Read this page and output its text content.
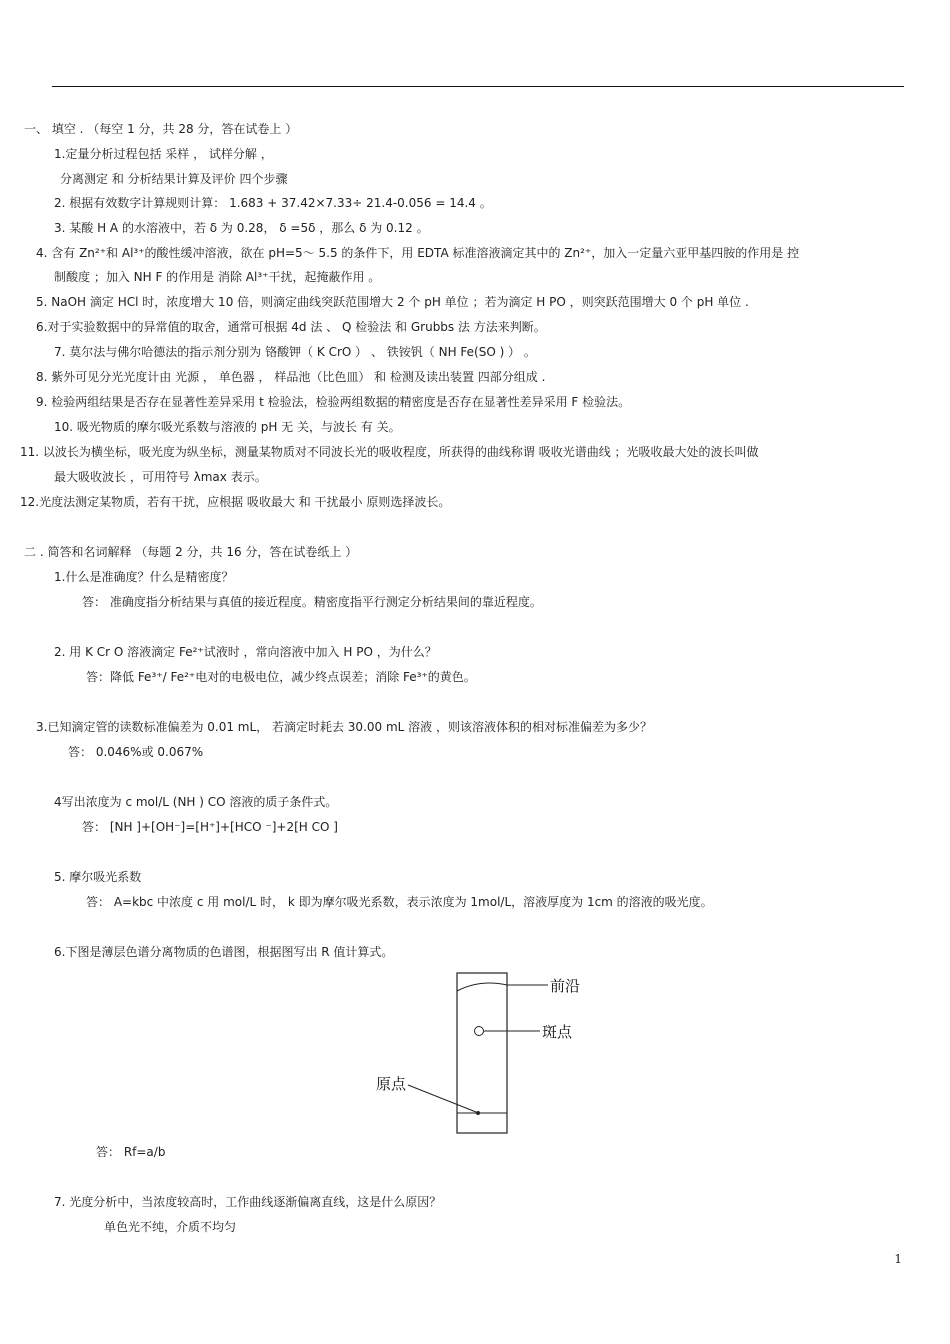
一、 填空 . （每空 1 分，共 28 分，答在试卷上 ）
1.定量分析过程包括 采样 ， 试样分解 ，
分离测定 和 分析结果计算及评价 四个步骤
2. 根据有效数字计算规则计算： 1.683 + 37.42×7.33÷ 21.4-0.056 = 14.4 。
3. 某酸 H A 的水溶液中，若 δ 为 0.28， δ =5δ ，那么 δ 为 0.12 。
4. 含有 Zn²⁺和 Al³⁺的酸性缓冲溶液，欲在 pH=5～ 5.5 的条件下，用 EDTA 标准溶液滴定其中的 Zn²⁺，加入一定量六亚甲基四胺的作用是 控
制酸度 ；加入 NH F 的作用是 消除 Al³⁺干扰，起掩蔽作用 。
5. NaOH 滴定 HCl 时，浓度增大 10 倍，则滴定曲线突跃范围增大 2 个 pH 单位 ；若为滴定 H PO ，则突跃范围增大 0 个 pH 单位 .
6.对于实验数据中的异常值的取舍，通常可根据 4d 法 、 Q 检验法 和 Grubbs 法 方法来判断。
7. 莫尔法与佛尔哈德法的指示剂分别为 铬酸钾（ K CrO ） 、 铁铵钒（ NH Fe(SO ) ） 。
8. 紫外可见分光光度计由 光源 ， 单色器 ， 样品池（比色皿） 和 检测及读出装置 四部分组成 .
9. 检验两组结果是否存在显著性差异采用 t 检验法，检验两组数据的精密度是否存在显著性差异采用 F 检验法。
10. 吸光物质的摩尔吸光系数与溶液的 pH 无 关，与波长 有 关。
11. 以波长为横坐标，吸光度为纵坐标，测量某物质对不同波长光的吸收程度，所获得的曲线称谓 吸收光谱曲线 ；光吸收最大处的波长叫做
最大吸收波长 ，可用符号 λmax 表示。
12.光度法测定某物质，若有干扰，应根据 吸收最大 和 干扰最小 原则选择波长。
二 . 简答和名词解释 （每题 2 分，共 16 分，答在试卷纸上 ）
1.什么是准确度？什么是精密度？
答： 准确度指分析结果与真值的接近程度。精密度指平行测定分析结果间的靠近程度。
2. 用 K Cr O 溶液滴定 Fe²⁺试液时 ，常向溶液中加入 H PO ，为什么？
答：降低 Fe³⁺/ Fe²⁺电对的电极电位，减少终点误差；消除 Fe³⁺的黄色。
3.已知滴定管的读数标准偏差为 0.01 mL， 若滴定时耗去 30.00 mL 溶液 ，则该溶液体积的相对标准偏差为多少？
答： 0.046%或 0.067%
4写出浓度为 c mol/L (NH ) CO 溶液的质子条件式。
答： [NH ]+[OH⁻]=[H⁺]+[HCO ⁻]+2[H CO ]
5. 摩尔吸光系数
答： A=kbc 中浓度 c 用 mol/L 时， k 即为摩尔吸光系数，表示浓度为 1mol/L，溶液厚度为 1cm 的溶液的吸光度。
6.下图是薄层色谱分离物质的色谱图，根据图写出 R 值计算式。
答： Rf=a/b
7. 光度分析中，当浓度较高时，工作曲线逐渐偏离直线，这是什么原因？
单色光不纯，介质不均匀
前沿
斑点
原点
1
